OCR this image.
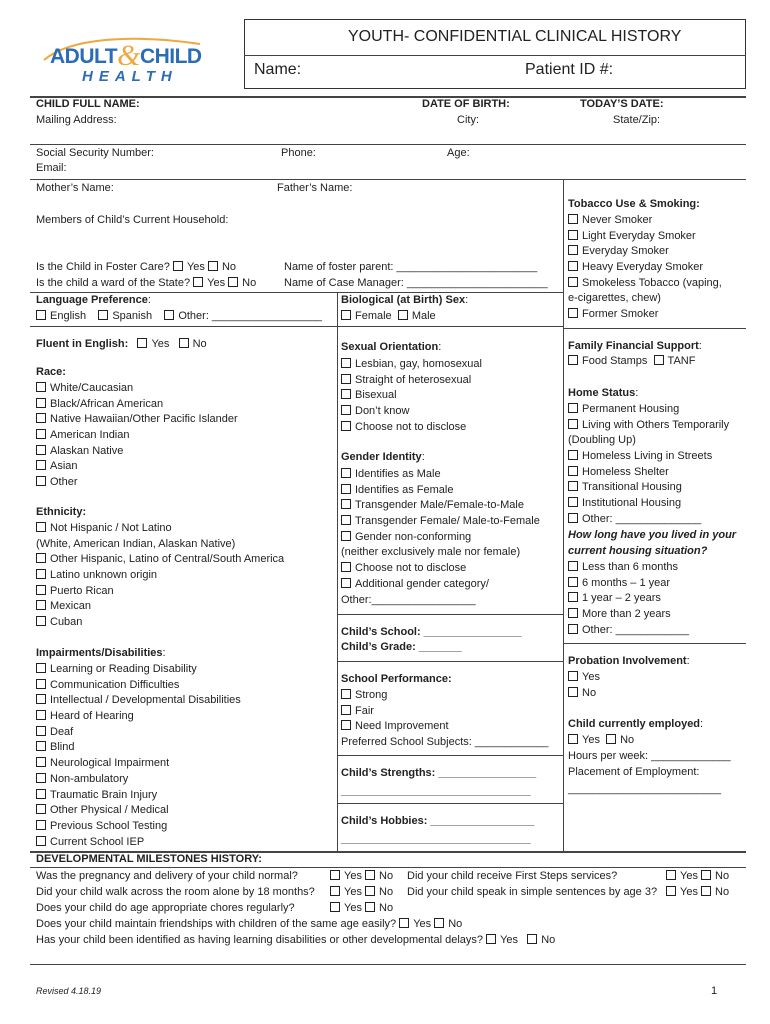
ADULT&CHILD
HEALTH
YOUTH- CONFIDENTIAL CLINICAL HISTORY
Name:	Patient ID #:
CHILD FULL NAME:	DATE OF BIRTH:	TODAY’S DATE:
Mailing Address:	City:	State/Zip:
Social Security Number:	Phone:	Age:
Email:
Mother’s Name:	Father’s Name:
Members of Child’s Current Household:
Is the Child in Foster Care? Yes No
Is the child a ward of the State? Yes No
Name of foster parent: _______________________
Name of Case Manager: _______________________
Language Preference:
English Spanish Other: __________________
Fluent in English: Yes No
Race:
White/Caucasian
Black/African American
Native Hawaiian/Other Pacific Islander
American Indian
Alaskan Native
Asian
Other
Ethnicity:
Not Hispanic / Not Latino
(White, American Indian, Alaskan Native)
Other Hispanic, Latino of Central/South America
Latino unknown origin
Puerto Rican
Mexican
Cuban
Impairments/Disabilities:
Learning or Reading Disability
Communication Difficulties
Intellectual / Developmental Disabilities
Heard of Hearing
Deaf
Blind
Neurological Impairment
Non-ambulatory
Traumatic Brain Injury
Other Physical / Medical
Previous School Testing
Current School IEP
Biological (at Birth) Sex:
Female Male
Sexual Orientation:
Lesbian, gay, homosexual
Straight of heterosexual
Bisexual
Don’t know
Choose not to disclose
Gender Identity:
Identifies as Male
Identifies as Female
Transgender Male/Female-to-Male
Transgender Female/ Male-to-Female
Gender non-conforming
(neither exclusively male nor female)
Choose not to disclose
Additional gender category/
Other:_________________
Child’s School: ________________
Child’s Grade: _______
School Performance:
Strong
Fair
Need Improvement
Preferred School Subjects: ____________
Child’s Strengths: ________________
_______________________________
Child’s Hobbies: _________________
_______________________________
Tobacco Use & Smoking:
Never Smoker
Light Everyday Smoker
Everyday Smoker
Heavy Everyday Smoker
Smokeless Tobacco (vaping,
e-cigarettes, chew)
Former Smoker
Family Financial Support:
Food Stamps TANF
Home Status:
Permanent Housing
Living with Others Temporarily
(Doubling Up)
Homeless Living in Streets
Homeless Shelter
Transitional Housing
Institutional Housing
Other: ______________
How long have you lived in your
current housing situation?
Less than 6 months
6 months – 1 year
1 year – 2 years
More than 2 years
Other: ____________
Probation Involvement:
Yes
No
Child currently employed:
Yes No
Hours per week: _____________
Placement of Employment:
_________________________
DEVELOPMENTAL MILESTONES HISTORY:
Was the pregnancy and delivery of your child normal?	Yes No Did your child receive First Steps services?	Yes No
Did your child walk across the room alone by 18 months?	Yes No Did your child speak in simple sentences by age 3?	Yes No
Does your child do age appropriate chores regularly?	Yes No
Does your child maintain friendships with children of the same age easily? Yes No
Has your child been identified as having learning disabilities or other developmental delays? Yes No
Revised 4.18.19	1
